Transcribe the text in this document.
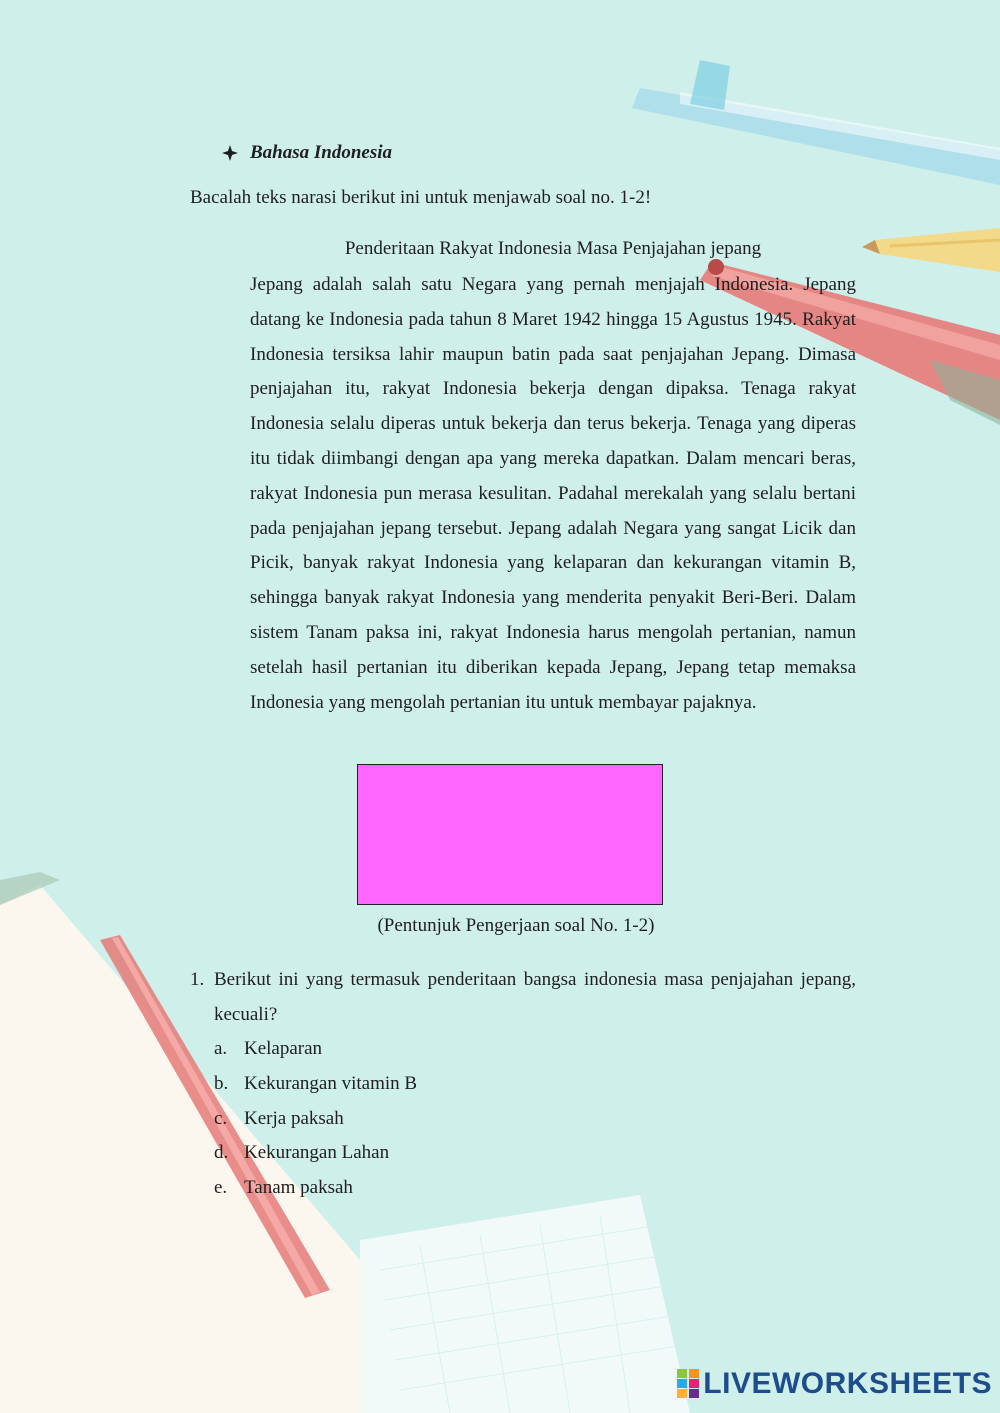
Bahasa Indonesia
Bacalah teks narasi berikut ini untuk menjawab soal no. 1-2!
Penderitaan Rakyat Indonesia Masa Penjajahan jepang
Jepang adalah salah satu Negara yang pernah menjajah Indonesia. Jepang datang ke Indonesia pada tahun 8 Maret 1942 hingga 15 Agustus 1945. Rakyat Indonesia tersiksa lahir maupun batin pada saat penjajahan Jepang. Dimasa penjajahan itu, rakyat Indonesia bekerja dengan dipaksa. Tenaga rakyat Indonesia selalu diperas untuk bekerja dan terus bekerja. Tenaga yang diperas itu tidak diimbangi dengan apa yang mereka dapatkan. Dalam mencari beras, rakyat Indonesia pun merasa kesulitan. Padahal merekalah yang selalu bertani pada penjajahan jepang tersebut. Jepang adalah Negara yang sangat Licik dan Picik, banyak rakyat Indonesia yang kelaparan dan kekurangan vitamin B, sehingga banyak rakyat Indonesia yang menderita penyakit Beri-Beri. Dalam sistem Tanam paksa ini, rakyat Indonesia harus mengolah pertanian, namun setelah hasil pertanian itu diberikan kepada Jepang, Jepang tetap memaksa Indonesia yang mengolah pertanian itu untuk membayar pajaknya.
(Pentunjuk Pengerjaan soal No. 1-2)
1. Berikut ini yang termasuk penderitaan bangsa indonesia masa penjajahan jepang, kecuali?
a. Kelaparan
b. Kekurangan vitamin B
c. Kerja paksah
d. Kekurangan Lahan
e. Tanam paksah
LIVEWORKSHEETS
